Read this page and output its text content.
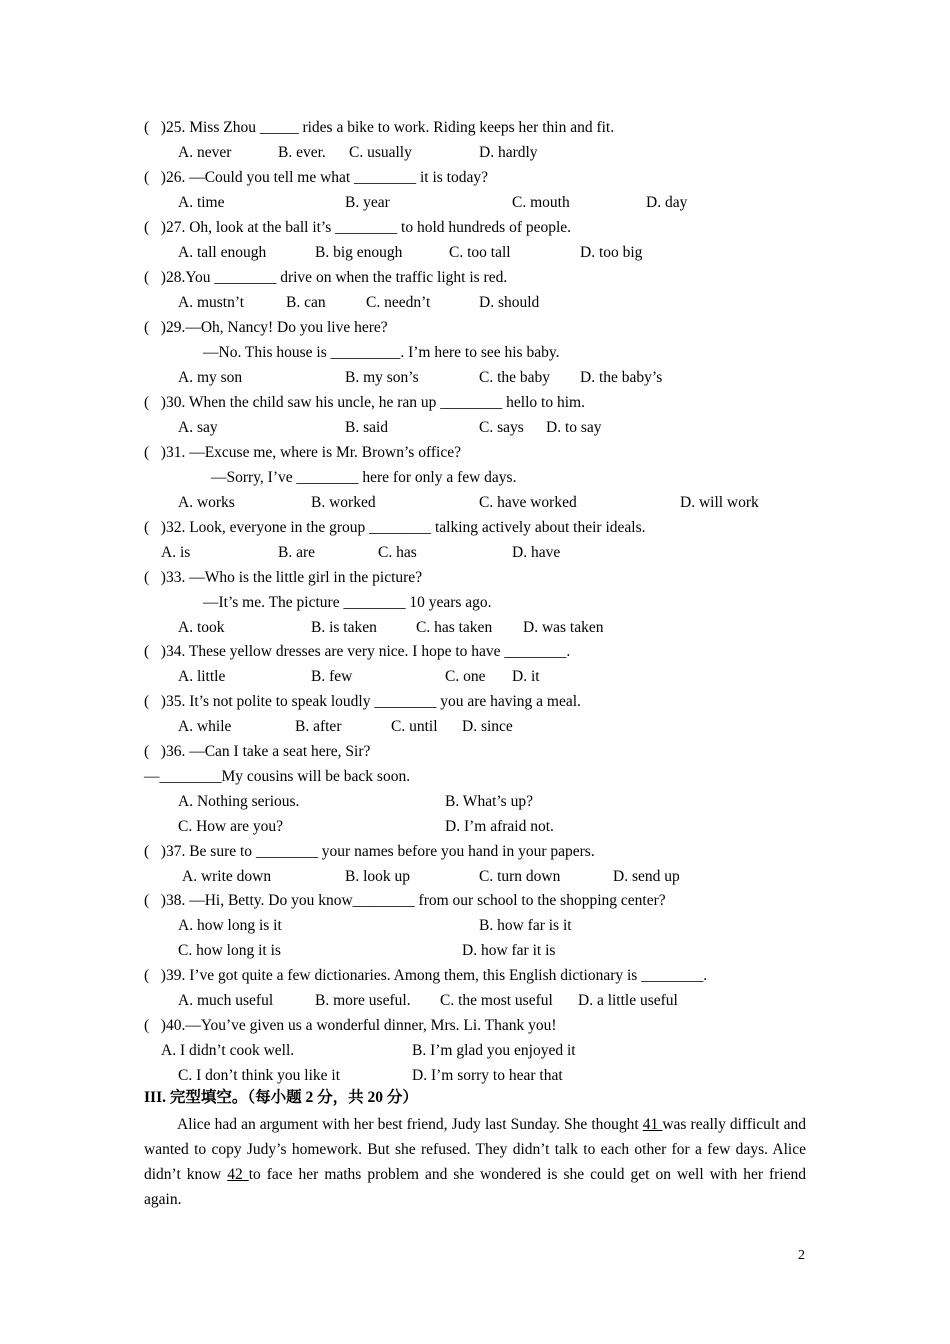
(   )25. Miss Zhou _____ rides a bike to work. Riding keeps her thin and fit.
A. never	B. ever. C. usually	D. hardly
(   )26. —Could you tell me what ________ it is today?
A. time	B. year	C. mouth	D. day
(   )27. Oh, look at the ball it’s ________ to hold hundreds of people.
A. tall enough	B. big enough	C. too tall	D. too big
(   )28.You ________ drive on when the traffic light is red.
A. mustn’t	B. can	C. needn’t	D. should
(   )29.—Oh, Nancy! Do you live here?
—No. This house is _________. I’m here to see his baby.
A. my son	B. my son’s	C. the baby D. the baby’s
(   )30. When the child saw his uncle, he ran up ________ hello to him.
A. say	B. said	C. says D. to say
(   )31. —Excuse me, where is Mr. Brown’s office?
—Sorry, I’ve ________ here for only a few days.
A. works	B. worked	C. have worked	D. will work
(   )32. Look, everyone in the group ________ talking actively about their ideals.
A. is	B. are	C. has	D. have
(   )33. —Who is the little girl in the picture?
—It’s me. The picture ________ 10 years ago.
A. took	B. is taken	C. has taken D. was taken
(   )34. These yellow dresses are very nice. I hope to have ________.
A. little	B. few	C. one D. it
(   )35. It’s not polite to speak loudly ________ you are having a meal.
A. while	B. after	C. until D. since
(   )36. —Can I take a seat here, Sir?
—________My cousins will be back soon.
A. Nothing serious.	B. What’s up?
C. How are you?	D. I’m afraid not.
(   )37. Be sure to ________ your names before you hand in your papers.
A. write down	B. look up	C. turn down	D. send up
(   )38. —Hi, Betty. Do you know________ from our school to the shopping center?
A. how long is it	B. how far is it
C. how long it is	D. how far it is
(   )39. I’ve got quite a few dictionaries. Among them, this English dictionary is ________.
A. much useful	B. more useful. C. the most useful D. a little useful
(   )40.—You’ve given us a wonderful dinner, Mrs. Li. Thank you!
A. I didn’t cook well.	B. I’m glad you enjoyed it
C. I don’t think you like it	D. I’m sorry to hear that
III. 完型填空。（每小题 2 分，共 20 分）
Alice had an argument with her best friend, Judy last Sunday. She thought 41 was really difficult and wanted to copy Judy’s homework. But she refused. They didn’t talk to each other for a few days. Alice didn’t know 42 to face her maths problem and she wondered is she could get on well with her friend again.
2
